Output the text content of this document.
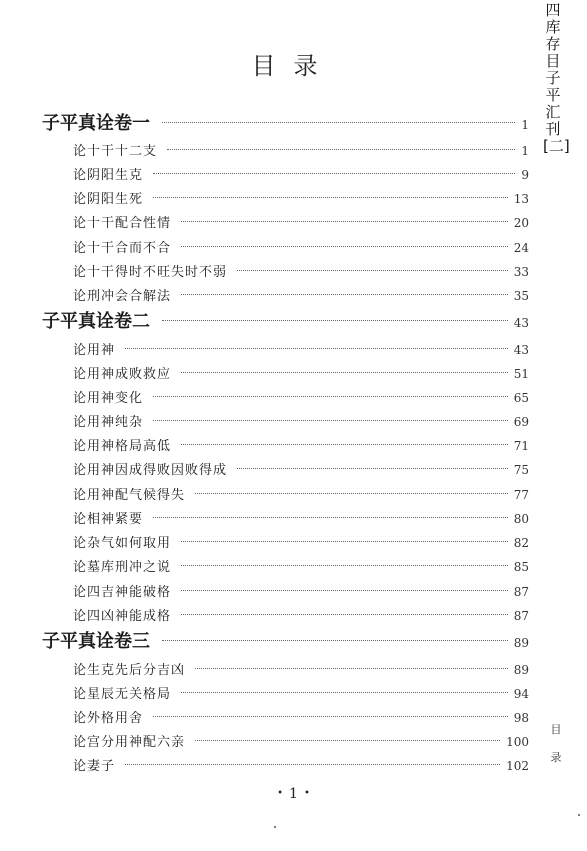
四库存目子平汇刊[二]
目录
目录
子平真诠卷一	1
论十干十二支	1
论阴阳生克	9
论阴阳生死	13
论十干配合性情	20
论十干合而不合	24
论十干得时不旺失时不弱	33
论刑冲会合解法	35
子平真诠卷二	43
论用神	43
论用神成败救应	51
论用神变化	65
论用神纯杂	69
论用神格局高低	71
论用神因成得败因败得成	75
论用神配气候得失	77
论相神紧要	80
论杂气如何取用	82
论墓库刑冲之说	85
论四吉神能破格	87
论四凶神能成格	87
子平真诠卷三	89
论生克先后分吉凶	89
论星辰无关格局	94
论外格用舍	98
论宫分用神配六亲	100
论妻子	102
• 1 •
